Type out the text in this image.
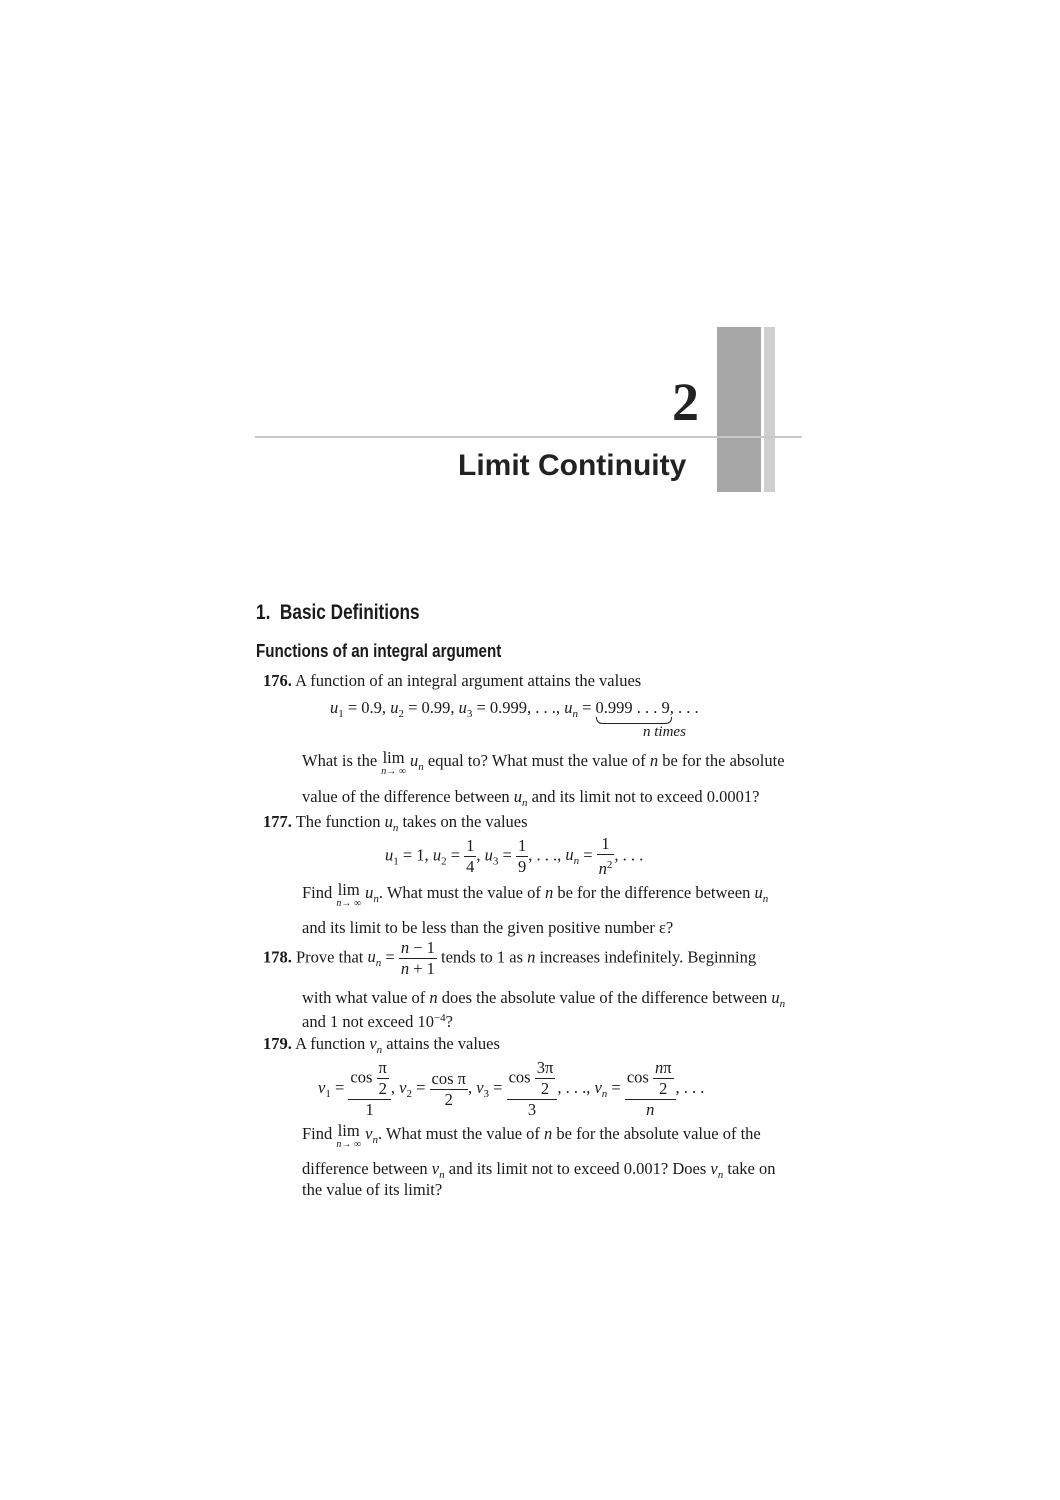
2
Limit Continuity
1.  Basic Definitions
Functions of an integral argument
176. A function of an integral argument attains the values
$u_1 = 0.9$, $u_2 = 0.99$, $u_3 = 0.999$, . . ., $u_n = 0.999$ . . . 9
, . . .
n times
What is the lim
n→ ∞
$u_n$ equal to? What must the value of n be for the absolute
value of the difference between $u_n$ and its limit not to exceed 0.0001?
177. The function $u_n$ takes on the values
$u_1 = 1$, $u_2 = \frac{1}{4}$ , $u_3 = \frac{1}{9}$ , . . ., $u_n = \frac{1}{n^2}$ , . . .
Find lim
n→ ∞
$u_n$. What must the value of n be for the difference between $u_n$
and its limit to be less than the given positive number ε?
178. Prove that $u_n = \frac{n - 1}{n + 1}$ tends to 1 as n increases indefinitely. Beginning
with what value of n does the absolute value of the difference between $u_n$
and 1 not exceed $10^{-4}$?
179. A function $v_n$ attains the values
$v_1 = \frac{\cos \frac{\pi}{2}}{1}$ , $v_2 = \frac{\text{cos π}}{2}$ , $v_3 = \frac{\cos \frac{3\pi}{2}}{3}$ , . . ., $v_n = \frac{\cos \frac{n\pi}{2}}{n}$ , . . .
Find lim
n→ ∞
$v_n$. What must the value of n be for the absolute value of the
difference between $v_n$ and its limit not to exceed 0.001? Does $v_n$ take on
the value of its limit?
